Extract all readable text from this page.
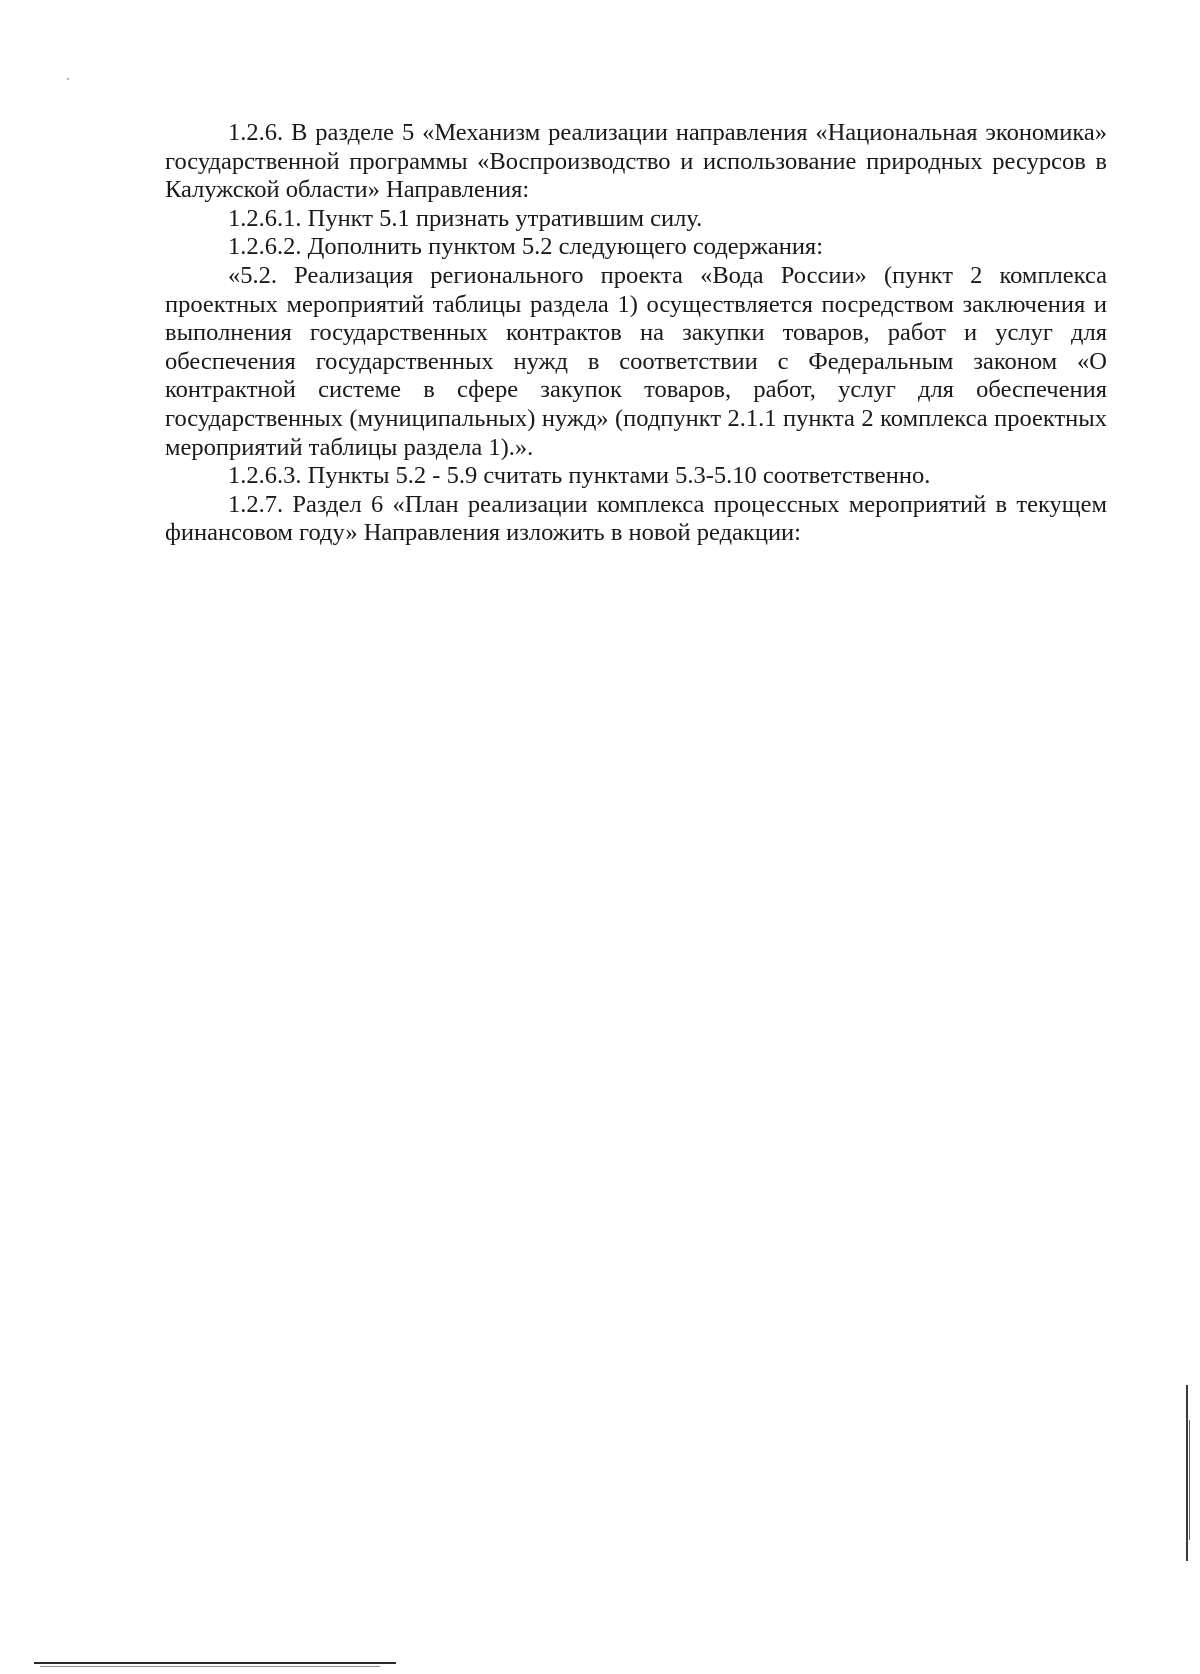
1.2.6. В разделе 5 «Механизм реализации направления «Национальная экономика» государственной программы «Воспроизводство и использование природных ресурсов в Калужской области» Направления:

1.2.6.1. Пункт 5.1 признать утратившим силу.

1.2.6.2. Дополнить пунктом 5.2 следующего содержания:

«5.2. Реализация регионального проекта «Вода России» (пункт 2 комплекса проектных мероприятий таблицы раздела 1) осуществляется посредством заключения и выполнения государственных контрактов на закупки товаров, работ и услуг для обеспечения государственных нужд в соответствии с Федеральным законом «О контрактной системе в сфере закупок товаров, работ, услуг для обеспечения государственных (муниципальных) нужд» (подпункт 2.1.1 пункта 2 комплекса проектных мероприятий таблицы раздела 1).».

1.2.6.3. Пункты 5.2 - 5.9 считать пунктами 5.3-5.10 соответственно.

1.2.7. Раздел 6 «План реализации комплекса процессных мероприятий в текущем финансовом году» Направления изложить в новой редакции:
